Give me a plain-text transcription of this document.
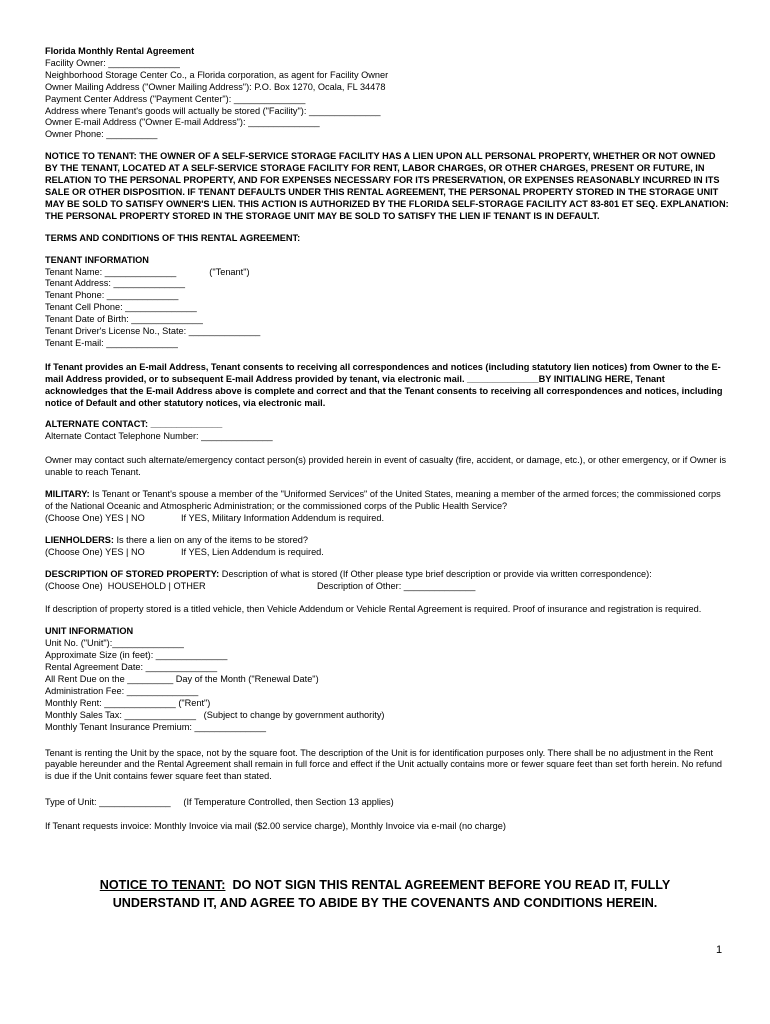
Florida Monthly Rental Agreement
Facility Owner: ______________
Neighborhood Storage Center Co., a Florida corporation, as agent for Facility Owner
Owner Mailing Address ("Owner Mailing Address"): P.O. Box 1270, Ocala, FL 34478
Payment Center Address ("Payment Center"): ______________
Address where Tenant's goods will actually be stored ("Facility"): ______________
Owner E-mail Address ("Owner E-mail Address"): ______________
Owner Phone: __________
NOTICE TO TENANT: THE OWNER OF A SELF-SERVICE STORAGE FACILITY HAS A LIEN UPON ALL PERSONAL PROPERTY, WHETHER OR NOT OWNED BY THE TENANT, LOCATED AT A SELF-SERVICE STORAGE FACILITY FOR RENT, LABOR CHARGES, OR OTHER CHARGES, PRESENT OR FUTURE, IN RELATION TO THE PERSONAL PROPERTY, AND FOR EXPENSES NECESSARY FOR ITS PRESERVATION, OR EXPENSES REASONABLY INCURRED IN ITS SALE OR OTHER DISPOSITION. IF TENANT DEFAULTS UNDER THIS RENTAL AGREEMENT, THE PERSONAL PROPERTY STORED IN THE STORAGE UNIT MAY BE SOLD TO SATISFY OWNER'S LIEN. THIS ACTION IS AUTHORIZED BY THE FLORIDA SELF-STORAGE FACILITY ACT 83-801 ET SEQ. EXPLANATION: THE PERSONAL PROPERTY STORED IN THE STORAGE UNIT MAY BE SOLD TO SATISFY THE LIEN IF TENANT IS IN DEFAULT.
TERMS AND CONDITIONS OF THIS RENTAL AGREEMENT:
TENANT INFORMATION
Tenant Name: ______________	("Tenant")
Tenant Address: ______________
Tenant Phone: ______________
Tenant Cell Phone: ______________
Tenant Date of Birth: ______________
Tenant Driver's License No., State: ______________
Tenant E-mail: ______________
If Tenant provides an E-mail Address, Tenant consents to receiving all correspondences and notices (including statutory lien notices) from Owner to the E-mail Address provided, or to subsequent E-mail Address provided by tenant, via electronic mail. ______________BY INITIALING HERE, Tenant acknowledges that the E-mail Address above is complete and correct and that the Tenant consents to receiving all correspondences and notices, including notice of Default and other statutory notices, via electronic mail.
ALTERNATE CONTACT: ______________
Alternate Contact Telephone Number: ______________
Owner may contact such alternate/emergency contact person(s) provided herein in event of casualty (fire, accident, or damage, etc.), or other emergency, or if Owner is unable to reach Tenant.
MILITARY: Is Tenant or Tenant's spouse a member of the "Uniformed Services" of the United States, meaning a member of the armed forces; the commissioned corps of the National Oceanic and Atmospheric Administration; or the commissioned corps of the Public Health Service?
(Choose One) YES | NO	If YES, Military Information Addendum is required.
LIENHOLDERS: Is there a lien on any of the items to be stored?
(Choose One) YES | NO	If YES, Lien Addendum is required.
DESCRIPTION OF STORED PROPERTY: Description of what is stored (If Other please type brief description or provide via written correspondence):
(Choose One)  HOUSEHOLD | OTHER	Description of Other: ______________
If description of property stored is a titled vehicle, then Vehicle Addendum or Vehicle Rental Agreement is required. Proof of insurance and registration is required.
UNIT INFORMATION
Unit No. ("Unit"):______________
Approximate Size (in feet): ______________
Rental Agreement Date: ______________
All Rent Due on the _________ Day of the Month ("Renewal Date")
Administration Fee: ______________
Monthly Rent: ______________ ("Rent")
Monthly Sales Tax: ______________   (Subject to change by government authority)
Monthly Tenant Insurance Premium: ______________
Tenant is renting the Unit by the space, not by the square foot. The description of the Unit is for identification purposes only. There shall be no adjustment in the Rent payable hereunder and the Rental Agreement shall remain in full force and effect if the Unit actually contains more or fewer square feet than set forth herein. No refund is due if the Unit contains fewer square feet than stated.
Type of Unit: ______________     (If Temperature Controlled, then Section 13 applies)
If Tenant requests invoice: Monthly Invoice via mail ($2.00 service charge), Monthly Invoice via e-mail (no charge)
NOTICE TO TENANT:  DO NOT SIGN THIS RENTAL AGREEMENT BEFORE YOU READ IT, FULLY
UNDERSTAND IT, AND AGREE TO ABIDE BY THE COVENANTS AND CONDITIONS HEREIN.
1
